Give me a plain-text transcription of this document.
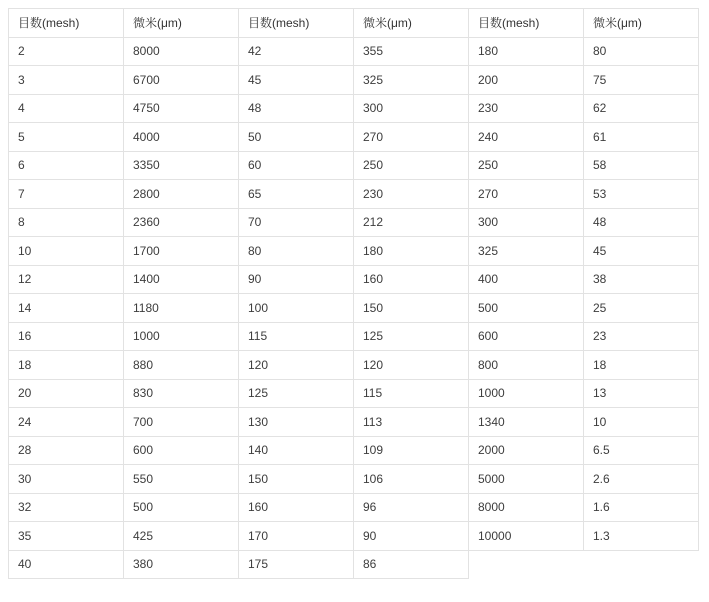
目数(mesh)	微米(μm)	目数(mesh)	微米(μm)	目数(mesh)	微米(μm)
2	8000	42	355	180	80
3	6700	45	325	200	75
4	4750	48	300	230	62
5	4000	50	270	240	61
6	3350	60	250	250	58
7	2800	65	230	270	53
8	2360	70	212	300	48
10	1700	80	180	325	45
12	1400	90	160	400	38
14	1180	100	150	500	25
16	1000	115	125	600	23
18	880	120	120	800	18
20	830	125	115	1000	13
24	700	130	113	1340	10
28	600	140	109	2000	6.5
30	550	150	106	5000	2.6
32	500	160	96	8000	1.6
35	425	170	90	10000	1.3
40	380	175	86		
